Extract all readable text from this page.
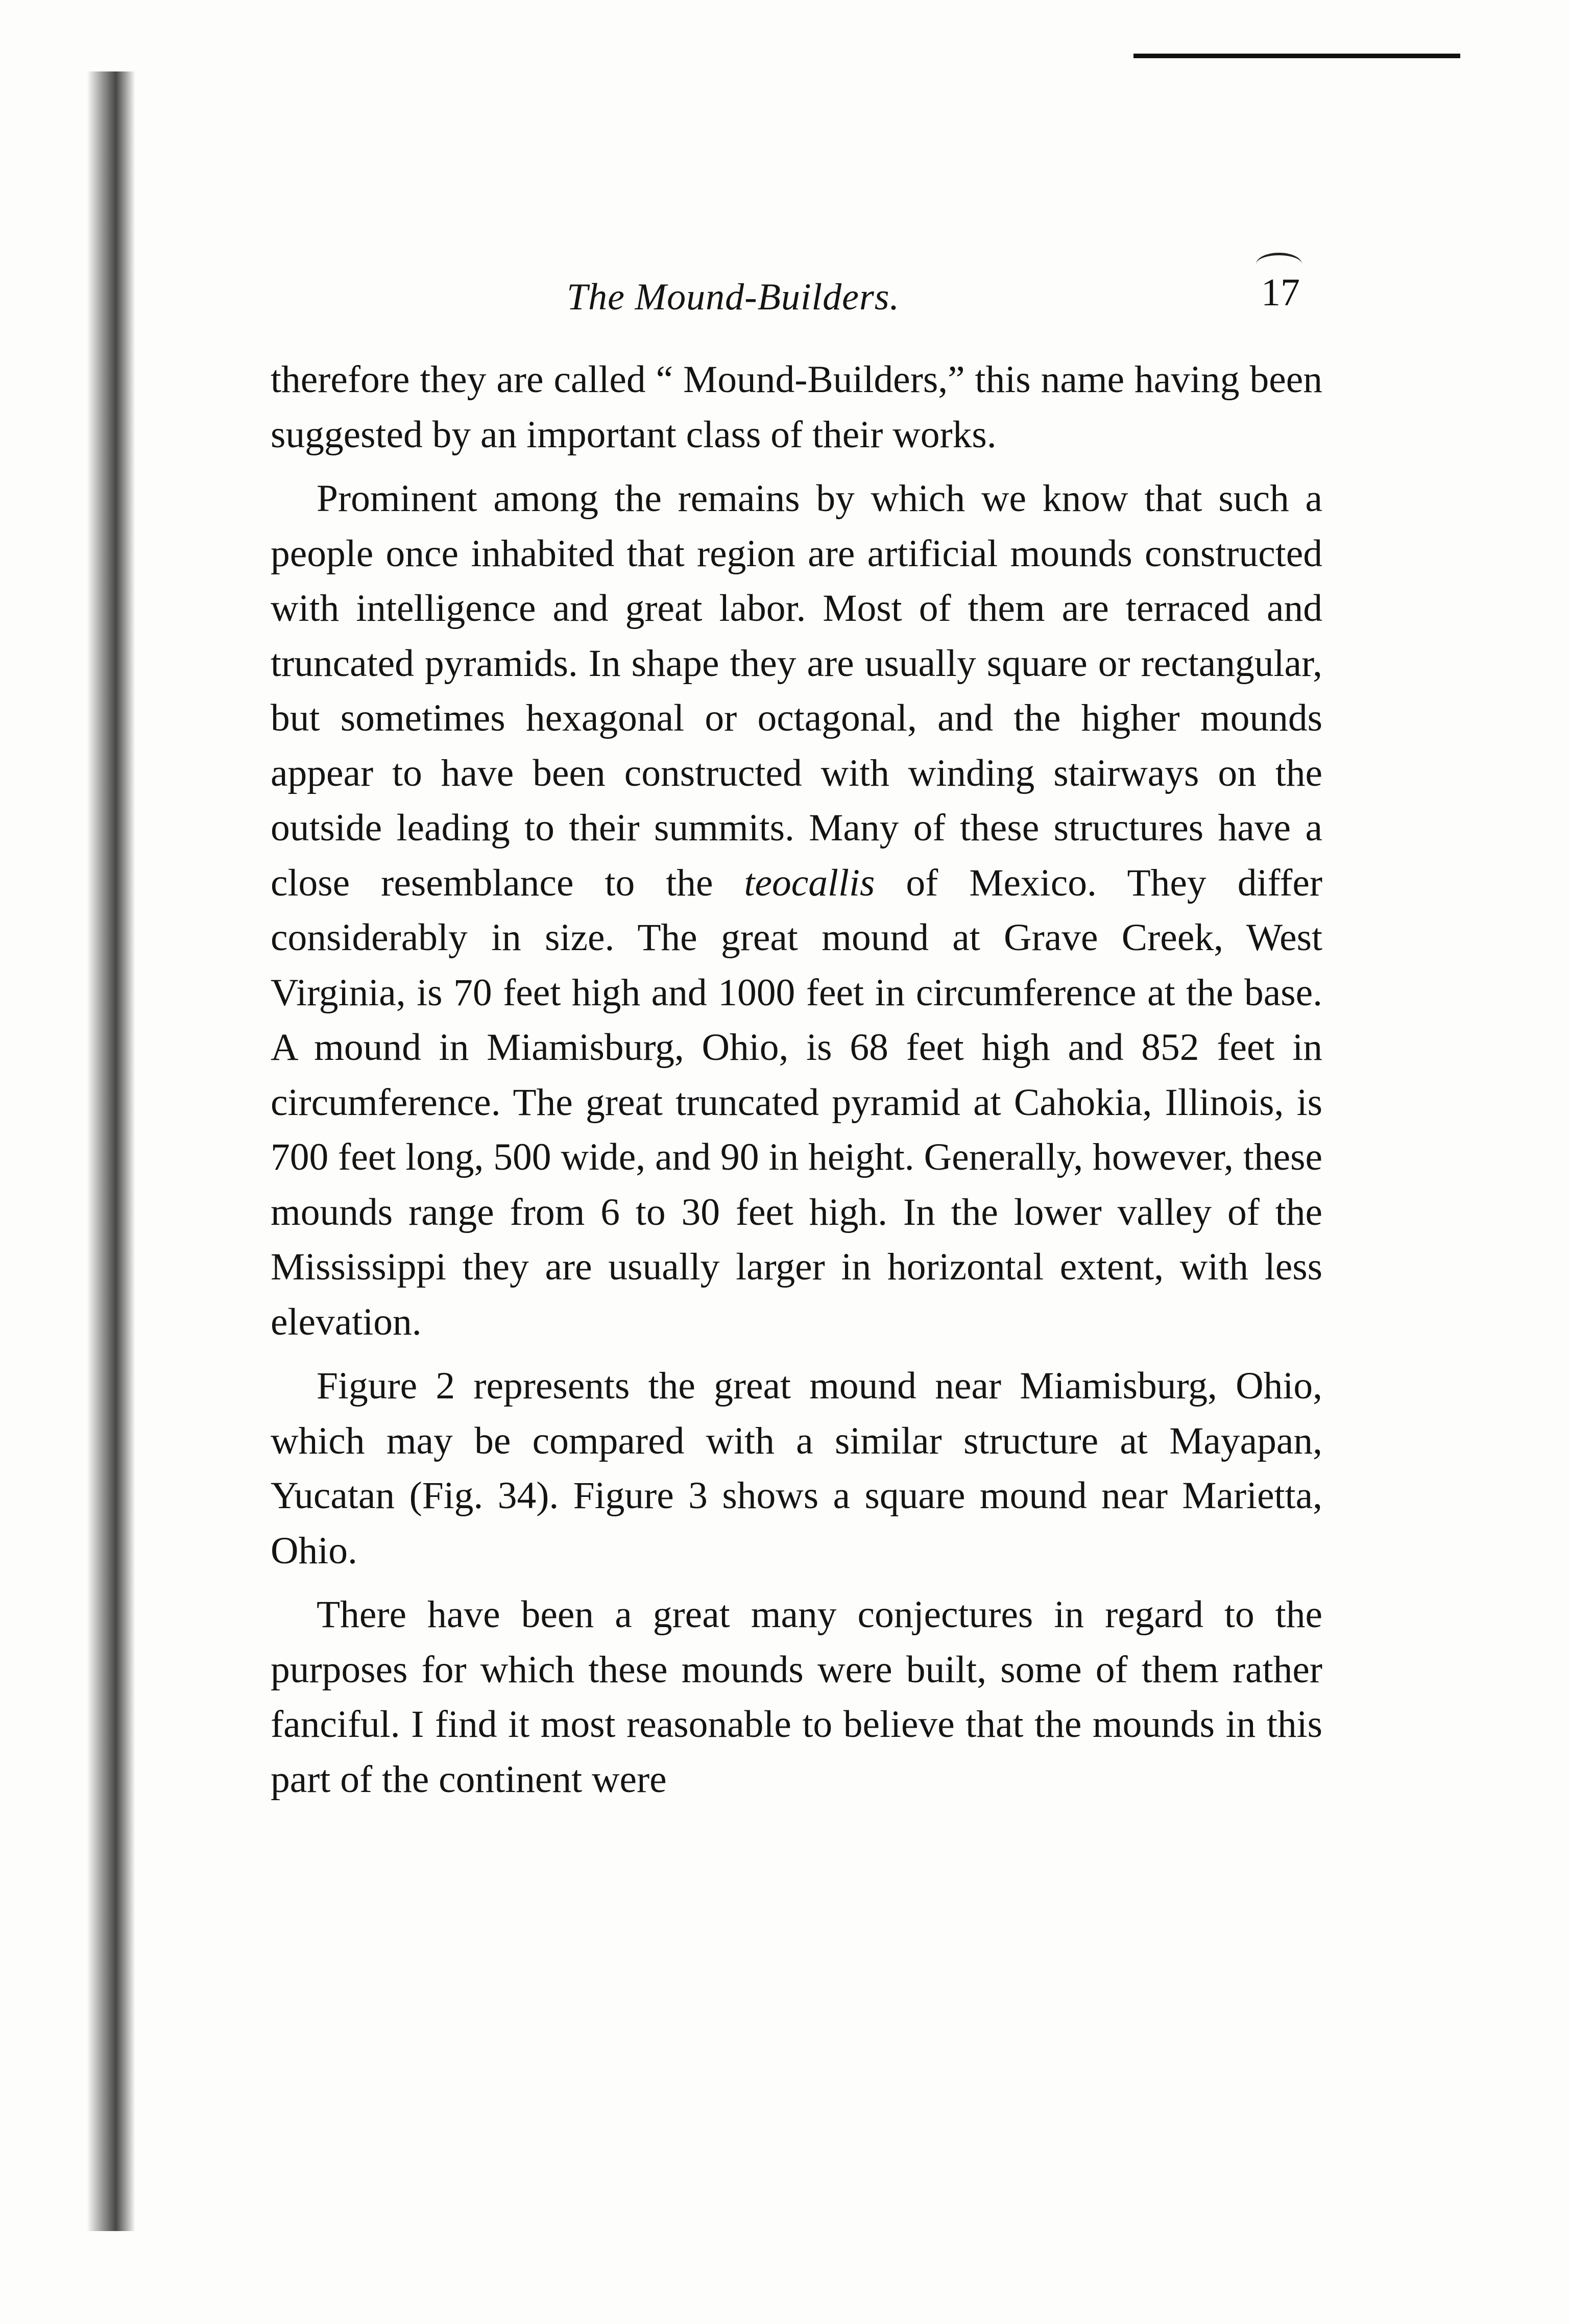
The Mound-Builders.	17

therefore they are called “ Mound-Builders,” this name having been suggested by an important class of their works.

Prominent among the remains by which we know that such a people once inhabited that region are artificial mounds constructed with intelligence and great labor. Most of them are terraced and truncated pyramids. In shape they are usually square or rectangular, but sometimes hexagonal or octagonal, and the higher mounds appear to have been constructed with winding stairways on the outside leading to their summits. Many of these structures have a close resemblance to the teocallis of Mexico. They differ considerably in size. The great mound at Grave Creek, West Virginia, is 70 feet high and 1000 feet in circumference at the base. A mound in Miamisburg, Ohio, is 68 feet high and 852 feet in circumference. The great truncated pyramid at Cahokia, Illinois, is 700 feet long, 500 wide, and 90 in height. Generally, however, these mounds range from 6 to 30 feet high. In the lower valley of the Mississippi they are usually larger in horizontal extent, with less elevation.

Figure 2 represents the great mound near Miamisburg, Ohio, which may be compared with a similar structure at Mayapan, Yucatan (Fig. 34). Figure 3 shows a square mound near Marietta, Ohio.

There have been a great many conjectures in regard to the purposes for which these mounds were built, some of them rather fanciful. I find it most reasonable to believe that the mounds in this part of the continent were
